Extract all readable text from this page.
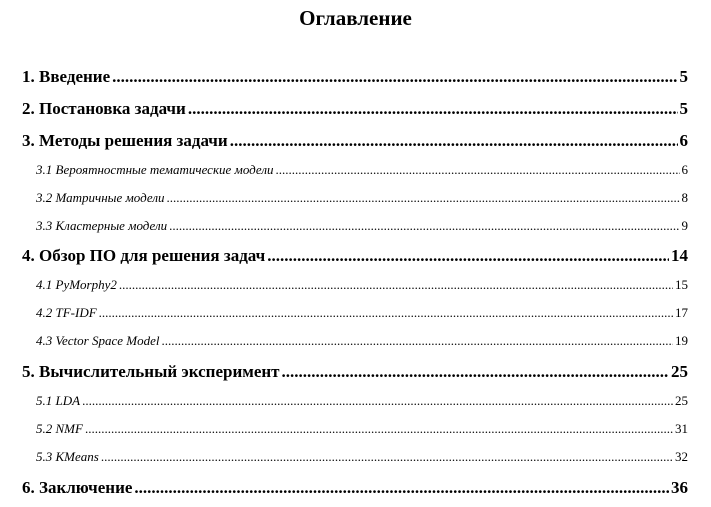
Оглавление
1. Введение .....	5
2. Постановка задачи .....	5
3. Методы решения задачи .....	6
3.1 Вероятностные тематические модели .....	6
3.2 Матричные модели .....	8
3.3 Кластерные модели .....	9
4. Обзор ПО для решения задач .....	14
4.1 PyMorphy2 .....	15
4.2 TF-IDF .....	17
4.3 Vector Space Model .....	19
5. Вычислительный эксперимент .....	25
5.1 LDA .....	25
5.2 NMF .....	31
5.3 KMeans .....	32
6. Заключение .....	36
